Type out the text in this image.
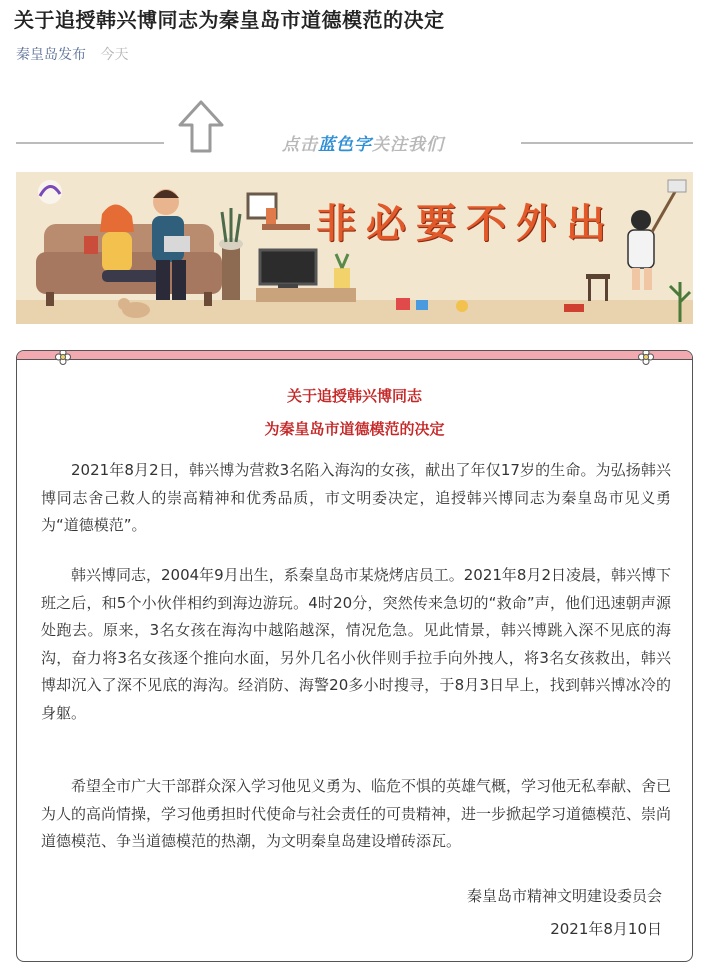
关于追授韩兴博同志为秦皇岛市道德模范的决定
秦皇岛发布 今天
点击蓝色字关注我们
非必要不外出
关于追授韩兴博同志
为秦皇岛市道德模范的决定

2021年8月2日，韩兴博为营救3名陷入海沟的女孩，献出了年仅17岁的生命。为弘扬韩兴博同志舍己救人的崇高精神和优秀品质，市文明委决定，追授韩兴博同志为秦皇岛市见义勇为“道德模范”。

韩兴博同志，2004年9月出生，系秦皇岛市某烧烤店员工。2021年8月2日凌晨，韩兴博下班之后，和5个小伙伴相约到海边游玩。4时20分，突然传来急切的“救命”声，他们迅速朝声源处跑去。原来，3名女孩在海沟中越陷越深，情况危急。见此情景，韩兴博跳入深不见底的海沟，奋力将3名女孩逐个推向水面，另外几名小伙伴则手拉手向外拽人，将3名女孩救出，韩兴博却沉入了深不见底的海沟。经消防、海警20多小时搜寻，于8月3日早上，找到韩兴博冰冷的身躯。

希望全市广大干部群众深入学习他见义勇为、临危不惧的英雄气概，学习他无私奉献、舍已为人的高尚情操，学习他勇担时代使命与社会责任的可贵精神，进一步掀起学习道德模范、崇尚道德模范、争当道德模范的热潮，为文明秦皇岛建设增砖添瓦。

秦皇岛市精神文明建设委员会
2021年8月10日
